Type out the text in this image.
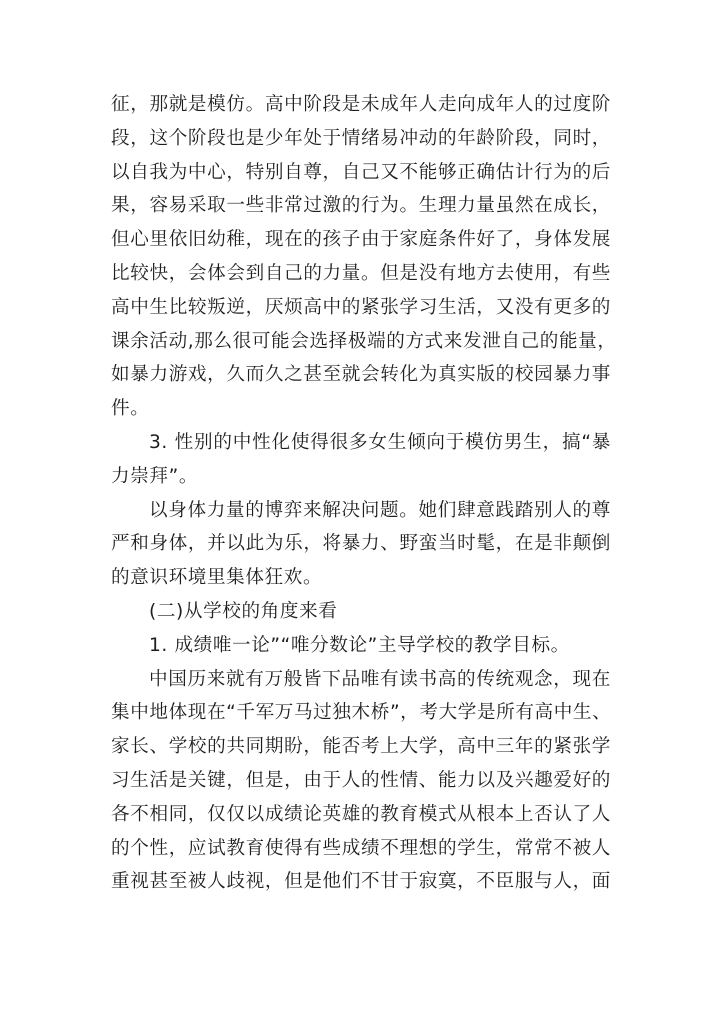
征，那就是模仿。高中阶段是未成年人走向成年人的过度阶
段，这个阶段也是少年处于情绪易冲动的年龄阶段，同时，
以自我为中心，特别自尊，自己又不能够正确估计行为的后
果，容易采取一些非常过激的行为。生理力量虽然在成长，
但心里依旧幼稚，现在的孩子由于家庭条件好了，身体发展
比较快，会体会到自己的力量。但是没有地方去使用，有些
高中生比较叛逆，厌烦高中的紧张学习生活，又没有更多的
课余活动,那么很可能会选择极端的方式来发泄自己的能量，
如暴力游戏，久而久之甚至就会转化为真实版的校园暴力事
件。
3. 性别的中性化使得很多女生倾向于模仿男生，搞“暴
力崇拜”。
以身体力量的博弈来解决问题。她们肆意践踏别人的尊
严和身体，并以此为乐，将暴力、野蛮当时髦，在是非颠倒
的意识环境里集体狂欢。
(二)从学校的角度来看
1. 成绩唯一论”“唯分数论”主导学校的教学目标。
中国历来就有万般皆下品唯有读书高的传统观念，现在
集中地体现在“千军万马过独木桥”，考大学是所有高中生、
家长、学校的共同期盼，能否考上大学，高中三年的紧张学
习生活是关键，但是，由于人的性情、能力以及兴趣爱好的
各不相同，仅仅以成绩论英雄的教育模式从根本上否认了人
的个性，应试教育使得有些成绩不理想的学生，常常不被人
重视甚至被人歧视，但是他们不甘于寂寞，不臣服与人，面
